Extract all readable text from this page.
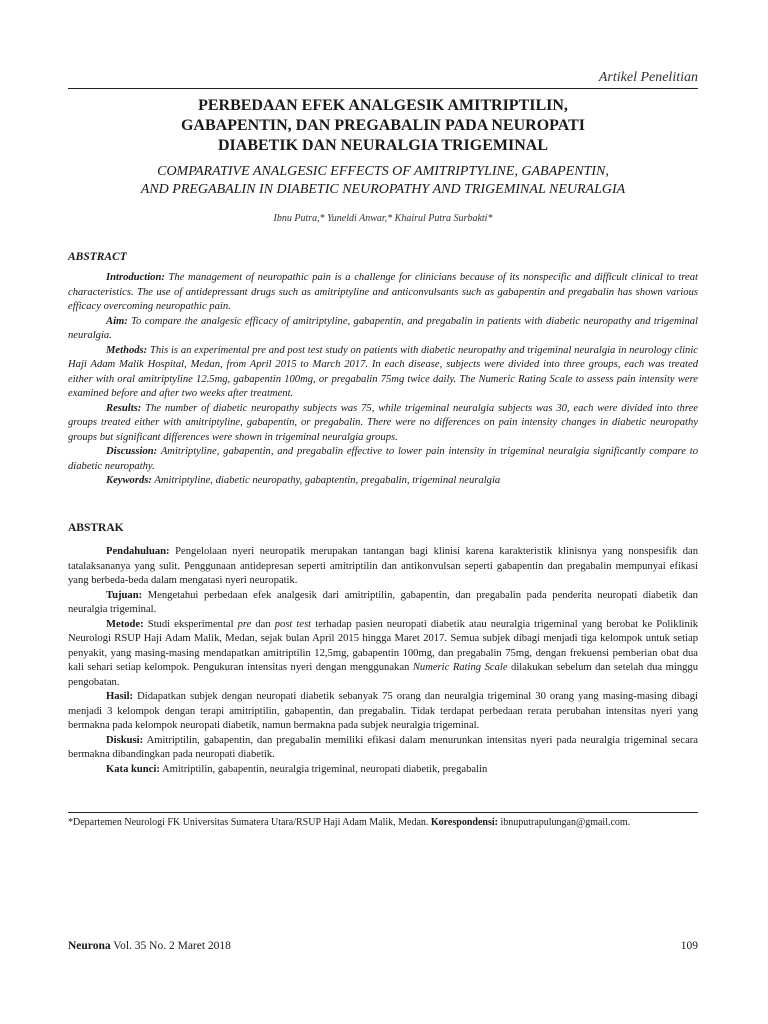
Artikel Penelitian
PERBEDAAN EFEK ANALGESIK AMITRIPTILIN,
GABAPENTIN, DAN PREGABALIN PADA NEUROPATI
DIABETIK DAN NEURALGIA TRIGEMINAL
COMPARATIVE ANALGESIC EFFECTS OF AMITRIPTYLINE, GABAPENTIN,
AND PREGABALIN IN DIABETIC NEUROPATHY AND TRIGEMINAL NEURALGIA
Ibnu Putra,* Yuneldi Anwar,* Khairul Putra Surbakti*
ABSTRACT

Introduction: The management of neuropathic pain is a challenge for clinicians because of its nonspecific and difficult clinical to treat characteristics. The use of antidepressant drugs such as amitriptyline and anticonvulsants such as gabapentin and pregabalin has shown various efficacy overcoming neuropathic pain.

Aim: To compare the analgesic efficacy of amitriptyline, gabapentin, and pregabalin in patients with diabetic neuropathy and trigeminal neuralgia.

Methods: This is an experimental pre and post test study on patients with diabetic neuropathy and trigeminal neuralgia in neurology clinic Haji Adam Malik Hospital, Medan, from April 2015 to March 2017. In each disease, subjects were divided into three groups, each was treated either with oral amitriptyline 12.5mg, gabapentin 100mg, or pregabalin 75mg twice daily. The Numeric Rating Scale to assess pain intensity were examined before and after two weeks after treatment.

Results: The number of diabetic neuropathy subjects was 75, while trigeminal neuralgia subjects was 30, each were divided into three groups treated either with amitriptyline, gabapentin, or pregabalin. There were no differences on pain intensity changes in diabetic neuropathy groups but significant differences were shown in trigeminal neuralgia groups.

Discussion: Amitriptyline, gabapentin, and pregabalin effective to lower pain intensity in trigeminal neuralgia significantly compare to diabetic neuropathy.

Keywords: Amitriptyline, diabetic neuropathy, gabaptentin, pregabalin, trigeminal neuralgia

ABSTRAK

Pendahuluan: Pengelolaan nyeri neuropatik merupakan tantangan bagi klinisi karena karakteristik klinisnya yang nonspesifik dan tatalaksananya yang sulit. Penggunaan antidepresan seperti amitriptilin dan antikonvulsan seperti gabapentin dan pregabalin mempunyai efikasi yang berbeda-beda dalam mengatasi nyeri neuropatik.

Tujuan: Mengetahui perbedaan efek analgesik dari amitriptilin, gabapentin, dan pregabalin pada penderita neuropati diabetik dan neuralgia trigeminal.

Metode: Studi eksperimental pre dan post test terhadap pasien neuropati diabetik atau neuralgia trigeminal yang berobat ke Poliklinik Neurologi RSUP Haji Adam Malik, Medan, sejak bulan April 2015 hingga Maret 2017. Semua subjek dibagi menjadi tiga kelompok untuk setiap penyakit, yang masing-masing mendapatkan amitriptilin 12,5mg, gabapentin 100mg, dan pregabalin 75mg, dengan frekuensi pemberian obat dua kali sehari setiap kelompok. Pengukuran intensitas nyeri dengan menggunakan Numeric Rating Scale dilakukan sebelum dan setelah dua minggu pengobatan.

Hasil: Didapatkan subjek dengan neuropati diabetik sebanyak 75 orang dan neuralgia trigeminal 30 orang yang masing-masing dibagi menjadi 3 kelompok dengan terapi amitriptilin, gabapentin, dan pregabalin. Tidak terdapat perbedaan rerata perubahan intensitas nyeri yang bermakna pada kelompok neuropati diabetik, namun bermakna pada subjek neuralgia trigeminal.

Diskusi: Amitriptilin, gabapentin, dan pregabalin memiliki efikasi dalam menurunkan intensitas nyeri pada neuralgia trigeminal secara bermakna dibandingkan pada neuropati diabetik.

Kata kunci: Amitriptilin, gabapentin, neuralgia trigeminal, neuropati diabetik, pregabalin

*Departemen Neurologi FK Universitas Sumatera Utara/RSUP Haji Adam Malik, Medan. Korespondensi: ibnuputrapulungan@gmail.com.
Neurona Vol. 35 No. 2 Maret 2018	109
